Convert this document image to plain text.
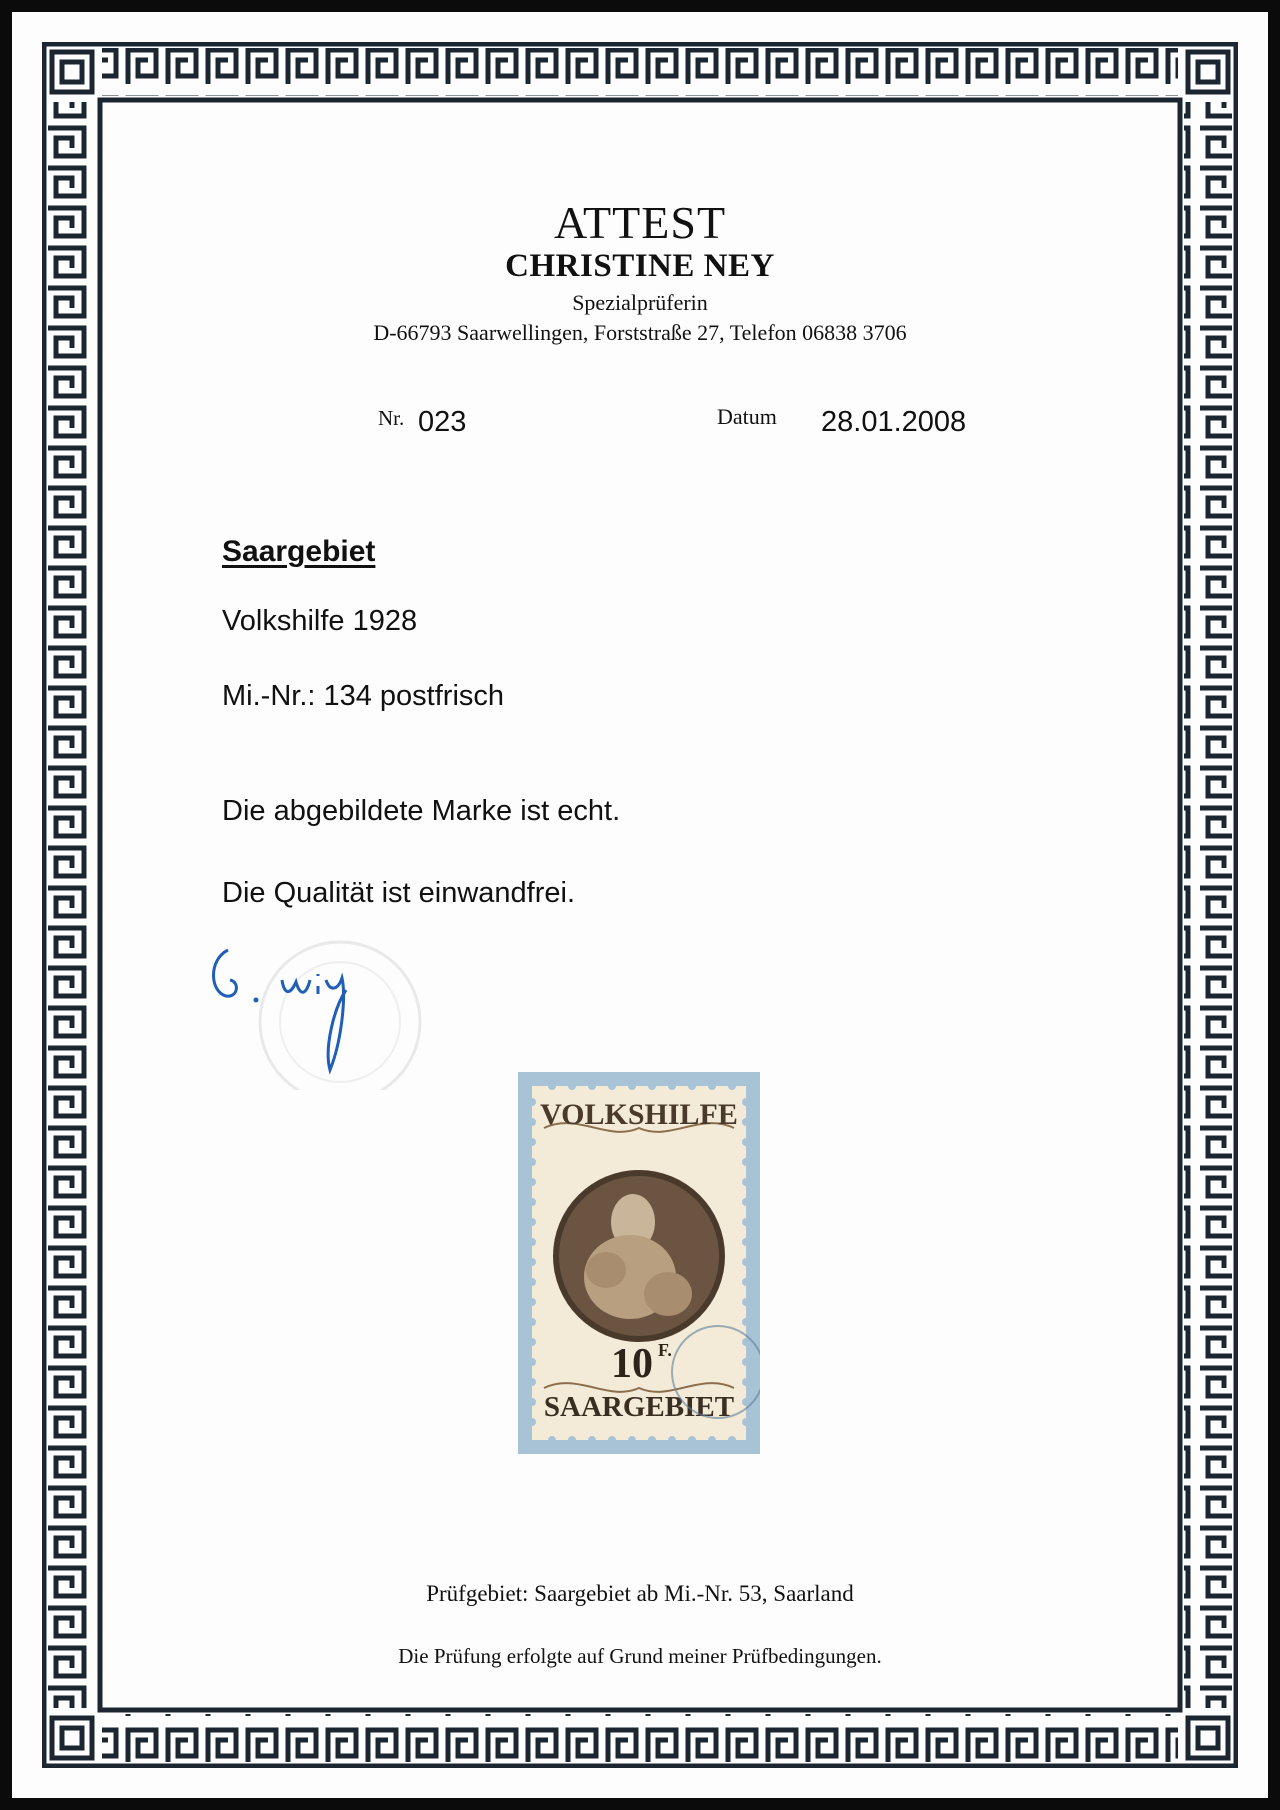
ATTEST
CHRISTINE NEY
Spezialprüferin
D-66793 Saarwellingen, Forststraße 27, Telefon 06838 3706
Nr. 023	Datum 28.01.2008
Saargebiet
Volkshilfe 1928
Mi.-Nr.: 134 postfrisch
Die abgebildete Marke ist echt.
Die Qualität ist einwandfrei.
VOLKSHILFE
10 F.
SAARGEBIET
Prüfgebiet: Saargebiet ab Mi.-Nr. 53, Saarland
Die Prüfung erfolgte auf Grund meiner Prüfbedingungen.
